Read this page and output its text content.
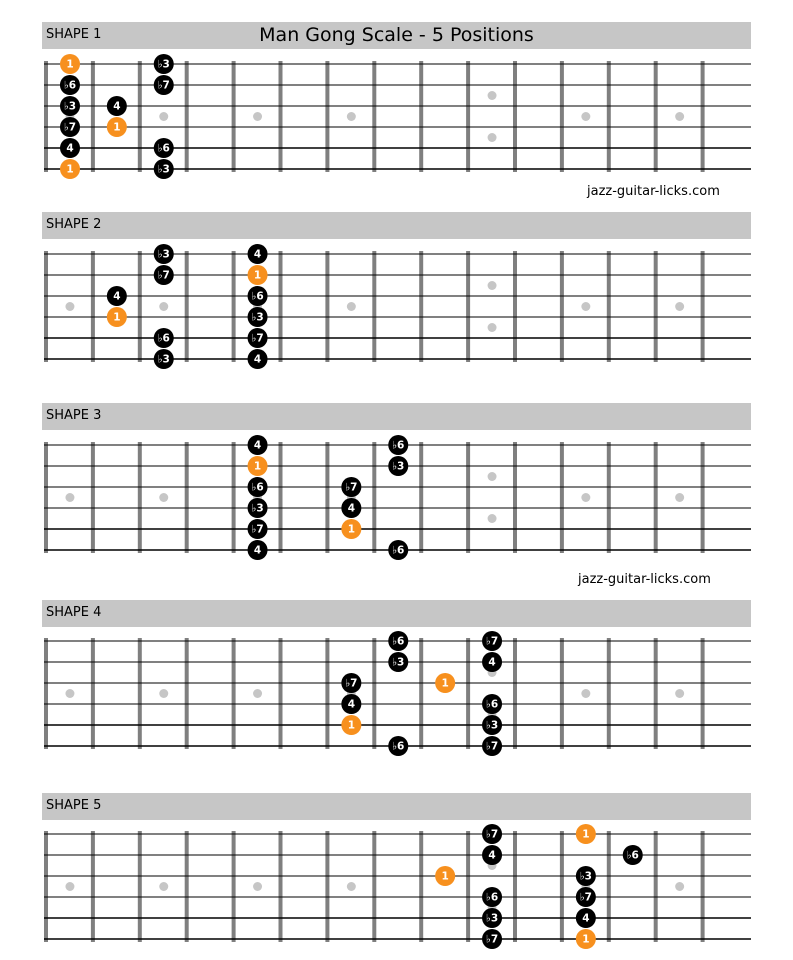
SHAPE 1	Man Gong Scale - 5 Positions
1	♭3
♭6	♭7
♭3	4
♭7	1
4	♭6
1	♭3
jazz-guitar-licks.com
SHAPE 2
♭3	4
♭7	1
4	♭6
1	♭3
♭6	♭7
♭3	4
SHAPE 3
4	♭6
1	♭3
♭6	♭7
♭3	4
♭7	1
4	♭6
jazz-guitar-licks.com
SHAPE 4
♭6	♭7
♭3	4
♭7	1
4	♭6
1	♭3
♭6	♭7
SHAPE 5
♭7	1
4	♭6
1	♭3
♭6	♭7
♭3	4
♭7	1
